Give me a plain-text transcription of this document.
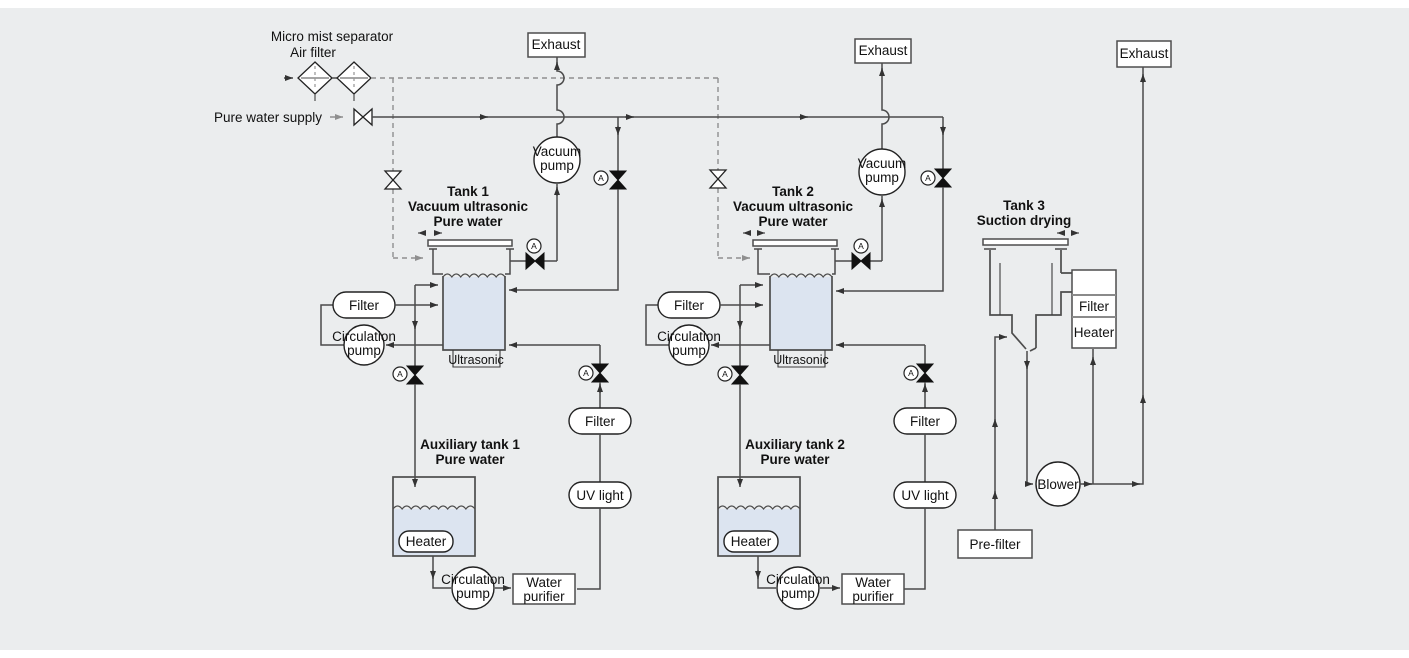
Micro mist separator
Air filter
Pure water supply
Exhaust
Vacuum
pump
A
Tank 1
Vacuum ultrasonic
Pure water
Ultrasonic
Filter
Circulation
pump
A
A
A
Filter
UV light
Auxiliary tank 1
Pure water
Heater
Circulation
pump
Water
purifier
Exhaust
Vacuum
pump
A
Tank 2
Vacuum ultrasonic
Pure water
Ultrasonic
Filter
Circulation
pump
A
A
A
Filter
UV light
Auxiliary tank 2
Pure water
Heater
Circulation
pump
Water
purifier
Tank 3
Suction drying
Filter
Heater
Pre-filter
Blower
Exhaust
